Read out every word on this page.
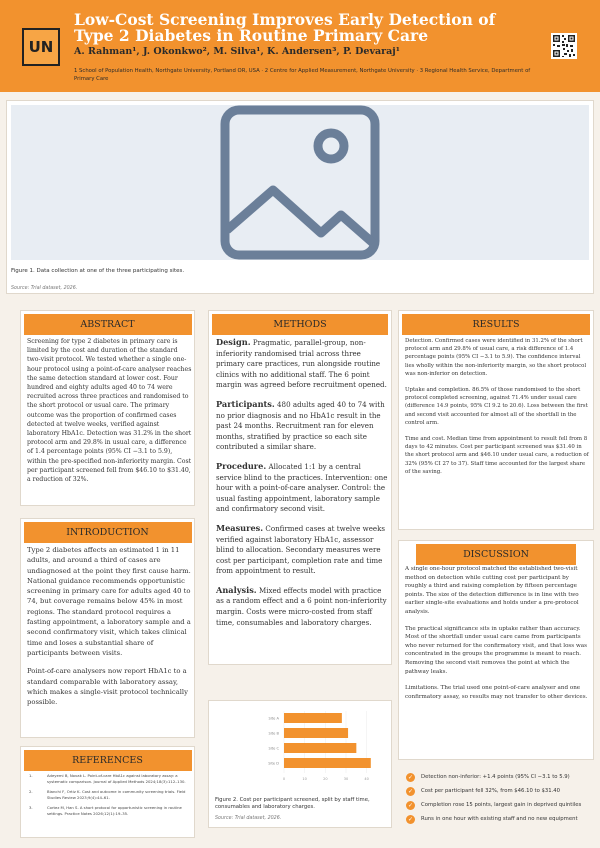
UN
Low-Cost Screening Improves Early Detection of Type 2 Diabetes in Routine Primary Care
A. Rahman¹, J. Okonkwo², M. Silva¹, K. Andersen³, P. Devaraj¹
1 School of Population Health, Northgate University, Portland OR, USA · 2 Centre for Applied Measurement, Northgate University · 3 Regional Health Service, Department of Primary Care
Figure 1. Data collection at one of the three participating sites.
Source: Trial dataset, 2026.
ABSTRACT

Screening for type 2 diabetes in primary care is limited by the cost and duration of the standard two-visit protocol. We tested whether a single one-hour protocol using a point-of-care analyser reaches the same detection standard at lower cost. Four hundred and eighty adults aged 40 to 74 were recruited across three practices and randomised to the short protocol or usual care. The primary outcome was the proportion of confirmed cases detected at twelve weeks, verified against laboratory HbA1c. Detection was 31.2% in the short protocol arm and 29.8% in usual care, a difference of 1.4 percentage points (95% CI −3.1 to 5.9), within the pre-specified non-inferiority margin. Cost per participant screened fell from $46.10 to $31.40, a reduction of 32%.

INTRODUCTION

Type 2 diabetes affects an estimated 1 in 11 adults, and around a third of cases are undiagnosed at the point they first cause harm. National guidance recommends opportunistic screening in primary care for adults aged 40 to 74, but coverage remains below 45% in most regions. The standard protocol requires a fasting appointment, a laboratory sample and a second confirmatory visit, which takes clinical time and loses a substantial share of participants between visits.

Point-of-care analysers now report HbA1c to a standard comparable with laboratory assay, which makes a single-visit protocol technically possible.

REFERENCES
1.	Adeyemi B, Novak L. Point-of-care HbA1c against laboratory assay: a systematic comparison. Journal of Applied Methods 2024;18(3):112–130.
2.	Bianchi F, Ortiz K. Cost and outcome in community screening trials. Field Studies Review 2023;9(4):44–61.
3.	Cortez M, Han S. A short protocol for opportunistic screening in routine settings. Practice Notes 2026;12(1):19–35.
METHODS

Design. Pragmatic, parallel-group, non-inferiority randomised trial across three primary care practices, run alongside routine clinics with no additional staff. The 6 point margin was agreed before recruitment opened.

Participants. 480 adults aged 40 to 74 with no prior diagnosis and no HbA1c result in the past 24 months. Recruitment ran for eleven months, stratified by practice so each site contributed a similar share.

Procedure. Allocated 1:1 by a central service blind to the practices. Intervention: one hour with a point-of-care analyser. Control: the usual fasting appointment, laboratory sample and confirmatory second visit.

Measures. Confirmed cases at twelve weeks verified against laboratory HbA1c, assessor blind to allocation. Secondary measures were cost per participant, completion rate and time from appointment to result.

Analysis. Mixed effects model with practice as a random effect and a 6 point non-inferiority margin. Costs were micro-costed from staff time, consumables and laboratory charges.

0	10	20	30	40
Site A
Site B
Site C
Site D
Figure 2. Cost per participant screened, split by staff time, consumables and laboratory charges.
Source: Trial dataset, 2026.
RESULTS

Detection. Confirmed cases were identified in 31.2% of the short protocol arm and 29.8% of usual care, a risk difference of 1.4 percentage points (95% CI −3.1 to 5.9). The confidence interval lies wholly within the non-inferiority margin, so the short protocol was non-inferior on detection.

Uptake and completion. 86.5% of those randomised to the short protocol completed screening, against 71.4% under usual care (difference 14.9 points, 95% CI 9.2 to 20.6). Loss between the first and second visit accounted for almost all of the shortfall in the control arm.

Time and cost. Median time from appointment to result fell from 8 days to 42 minutes. Cost per participant screened was $31.40 in the short protocol arm and $46.10 under usual care, a reduction of 32% (95% CI 27 to 37). Staff time accounted for the largest share of the saving.

DISCUSSION

A single one-hour protocol matched the established two-visit method on detection while cutting cost per participant by roughly a third and raising completion by fifteen percentage points. The size of the detection difference is in line with two earlier single-site evaluations and holds under a pre-protocol analysis.

The practical significance sits in uptake rather than accuracy. Most of the shortfall under usual care came from participants who never returned for the confirmatory visit, and that loss was concentrated in the groups the programme is meant to reach. Removing the second visit removes the point at which the pathway leaks.

Limitations. The trial used one point-of-care analyser and one confirmatory assay, so results may not transfer to other devices.

✓	Detection non-inferior: +1.4 points (95% CI −3.1 to 5.9)
✓	Cost per participant fell 32%, from $46.10 to $31.40
✓	Completion rose 15 points, largest gain in deprived quintiles
✓	Runs in one hour with existing staff and no new equipment
